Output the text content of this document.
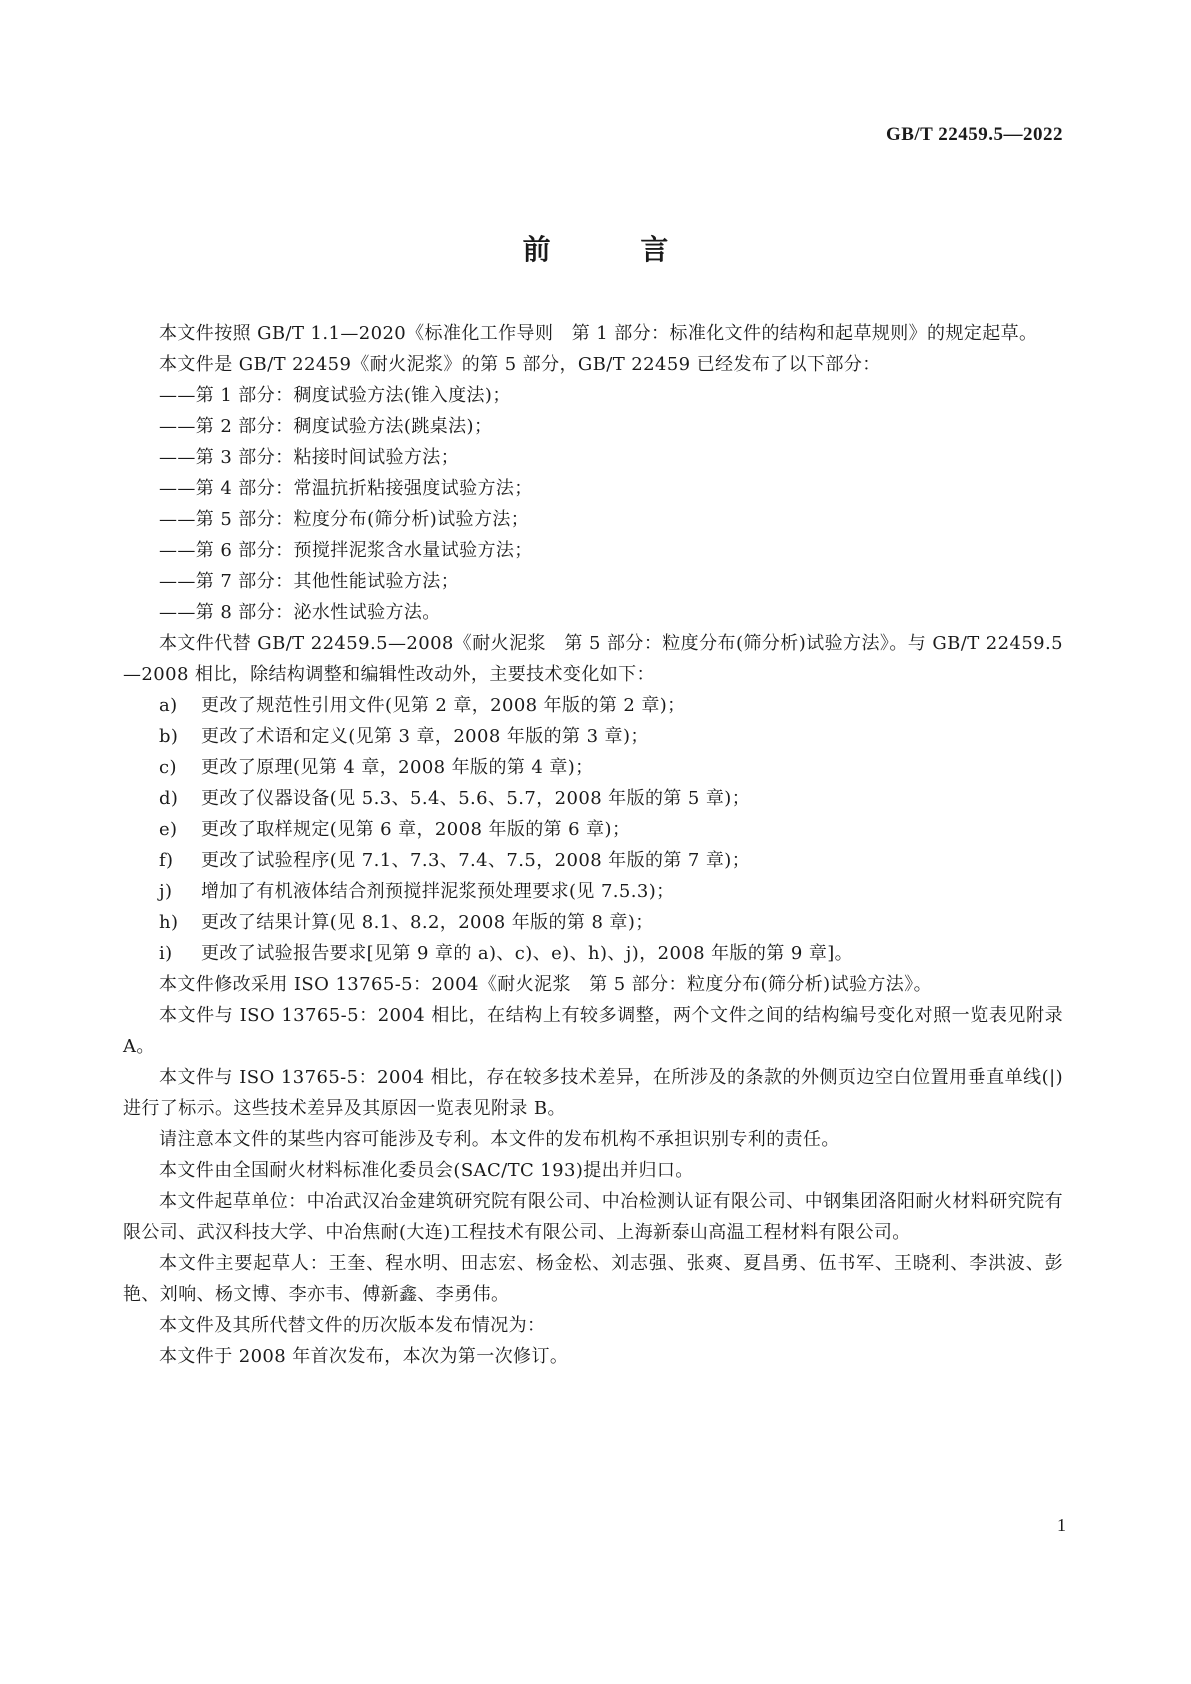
GB/T 22459.5—2022
前 言

本文件按照 GB/T 1.1—2020《标准化工作导则　第 1 部分：标准化文件的结构和起草规则》的规定起草。

本文件是 GB/T 22459《耐火泥浆》的第 5 部分，GB/T 22459 已经发布了以下部分：

——第 1 部分：稠度试验方法(锥入度法)；

——第 2 部分：稠度试验方法(跳桌法)；

——第 3 部分：粘接时间试验方法；

——第 4 部分：常温抗折粘接强度试验方法；

——第 5 部分：粒度分布(筛分析)试验方法；

——第 6 部分：预搅拌泥浆含水量试验方法；

——第 7 部分：其他性能试验方法；

——第 8 部分：泌水性试验方法。

本文件代替 GB/T 22459.5—2008《耐火泥浆　第 5 部分：粒度分布(筛分析)试验方法》。与 GB/T 22459.5—2008 相比，除结构调整和编辑性改动外，主要技术变化如下：

a)	更改了规范性引用文件(见第 2 章，2008 年版的第 2 章)；
b)	更改了术语和定义(见第 3 章，2008 年版的第 3 章)；
c)	更改了原理(见第 4 章，2008 年版的第 4 章)；
d)	更改了仪器设备(见 5.3、5.4、5.6、5.7，2008 年版的第 5 章)；
e)	更改了取样规定(见第 6 章，2008 年版的第 6 章)；
f)	更改了试验程序(见 7.1、7.3、7.4、7.5，2008 年版的第 7 章)；
j)	增加了有机液体结合剂预搅拌泥浆预处理要求(见 7.5.3)；
h)	更改了结果计算(见 8.1、8.2，2008 年版的第 8 章)；
i)	更改了试验报告要求[见第 9 章的 a)、c)、e)、h)、j)，2008 年版的第 9 章]。

本文件修改采用 ISO 13765-5：2004《耐火泥浆　第 5 部分：粒度分布(筛分析)试验方法》。

本文件与 ISO 13765-5：2004 相比，在结构上有较多调整，两个文件之间的结构编号变化对照一览表见附录 A。

本文件与 ISO 13765-5：2004 相比，存在较多技术差异，在所涉及的条款的外侧页边空白位置用垂直单线(|)进行了标示。这些技术差异及其原因一览表见附录 B。

请注意本文件的某些内容可能涉及专利。本文件的发布机构不承担识别专利的责任。

本文件由全国耐火材料标准化委员会(SAC/TC 193)提出并归口。

本文件起草单位：中冶武汉冶金建筑研究院有限公司、中冶检测认证有限公司、中钢集团洛阳耐火材料研究院有限公司、武汉科技大学、中冶焦耐(大连)工程技术有限公司、上海新泰山高温工程材料有限公司。

本文件主要起草人：王奎、程水明、田志宏、杨金松、刘志强、张爽、夏昌勇、伍书军、王晓利、李洪波、彭艳、刘响、杨文博、李亦韦、傅新鑫、李勇伟。

本文件及其所代替文件的历次版本发布情况为：

本文件于 2008 年首次发布，本次为第一次修订。

1
